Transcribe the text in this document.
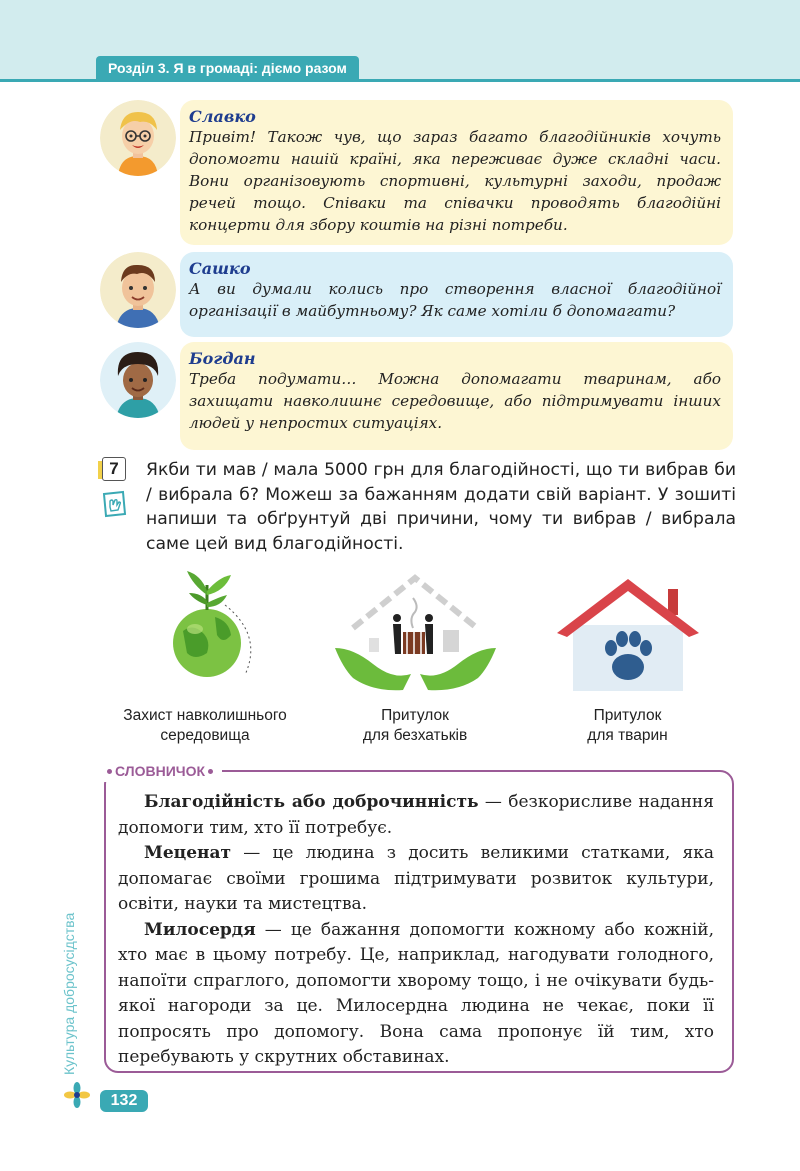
Розділ 3. Я в громаді: діємо разом
Славко
Привіт! Також чув, що зараз багато благодійників хочуть допомогти нашій країні, яка переживає дуже складні часи. Вони організовують спортивні, культурні заходи, продаж речей тощо. Співаки та співачки проводять благодійні концерти для збору коштів на різні потреби.
Сашко
А ви думали колись про створення власної благодійної організації в майбутньому? Як саме хотіли б допомагати?
Богдан
Треба подумати… Можна допомагати тваринам, або захищати навколишнє середовище, або підтримувати інших людей у непростих ситуаціях.
7	Якби ти мав / мала 5000 грн для благодійності, що ти вибрав би / вибрала б? Можеш за бажанням додати свій варіант. У зошиті напиши та обґрунтуй дві причини, чому ти вибрав / вибрала саме цей вид благодійності.
Захист навколишнього
середовища
Притулок
для безхатьків
Притулок
для тварин
СЛОВНИЧОК

Благодійність або доброчинність — безкорисливе надання допомоги тим, хто її потребує.

Меценат — це людина з досить великими статками, яка допомагає своїми грошима підтримувати розвиток культури, освіти, науки та мистецтва.

Милосердя — це бажання допомогти кожному або кожній, хто має в цьому потребу. Це, наприклад, нагодувати голодного, напоїти спраглого, допомогти хворому тощо, і не очікувати будь-якої нагороди за це. Милосердна людина не чекає, поки її попросять про допомогу. Вона сама пропонує їй тим, хто перебувають у скрутних обставинах.

Культура добросусідства
132
